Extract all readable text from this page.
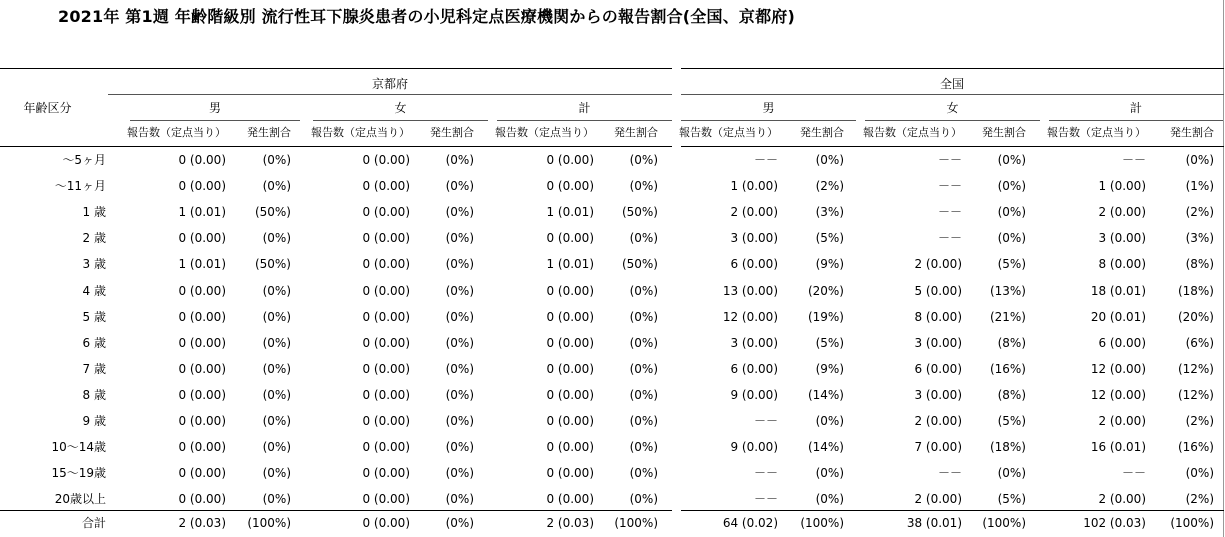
2021年 第1週 年齢階級別 流行性耳下腺炎患者の小児科定点医療機関からの報告割合(全国、京都府)
年齢区分
京都府	全国
男	女	計	男	女	計
報告数（定点当り）	発生割合 報告数（定点当り）	発生割合 報告数（定点当り）	発生割合 報告数（定点当り）	発生割合 報告数（定点当り）	発生割合 報告数（定点当り）	発生割合
～5ヶ月	0 (0.00)	(0%)	0 (0.00)	(0%)	0 (0.00)	(0%)	－－	(0%)	－－	(0%)	－－	(0%)
～11ヶ月	0 (0.00)	(0%)	0 (0.00)	(0%)	0 (0.00)	(0%)	1 (0.00)	(2%)	－－	(0%)	1 (0.00)	(1%)
1 歳	1 (0.01)	(50%)	0 (0.00)	(0%)	1 (0.01)	(50%)	2 (0.00)	(3%)	－－	(0%)	2 (0.00)	(2%)
2 歳	0 (0.00)	(0%)	0 (0.00)	(0%)	0 (0.00)	(0%)	3 (0.00)	(5%)	－－	(0%)	3 (0.00)	(3%)
3 歳	1 (0.01)	(50%)	0 (0.00)	(0%)	1 (0.01)	(50%)	6 (0.00)	(9%)	2 (0.00)	(5%)	8 (0.00)	(8%)
4 歳	0 (0.00)	(0%)	0 (0.00)	(0%)	0 (0.00)	(0%)	13 (0.00)	(20%)	5 (0.00)	(13%)	18 (0.01)	(18%)
5 歳	0 (0.00)	(0%)	0 (0.00)	(0%)	0 (0.00)	(0%)	12 (0.00)	(19%)	8 (0.00)	(21%)	20 (0.01)	(20%)
6 歳	0 (0.00)	(0%)	0 (0.00)	(0%)	0 (0.00)	(0%)	3 (0.00)	(5%)	3 (0.00)	(8%)	6 (0.00)	(6%)
7 歳	0 (0.00)	(0%)	0 (0.00)	(0%)	0 (0.00)	(0%)	6 (0.00)	(9%)	6 (0.00)	(16%)	12 (0.00)	(12%)
8 歳	0 (0.00)	(0%)	0 (0.00)	(0%)	0 (0.00)	(0%)	9 (0.00)	(14%)	3 (0.00)	(8%)	12 (0.00)	(12%)
9 歳	0 (0.00)	(0%)	0 (0.00)	(0%)	0 (0.00)	(0%)	－－	(0%)	2 (0.00)	(5%)	2 (0.00)	(2%)
10～14歳	0 (0.00)	(0%)	0 (0.00)	(0%)	0 (0.00)	(0%)	9 (0.00)	(14%)	7 (0.00)	(18%)	16 (0.01)	(16%)
15～19歳	0 (0.00)	(0%)	0 (0.00)	(0%)	0 (0.00)	(0%)	－－	(0%)	－－	(0%)	－－	(0%)
20歳以上	0 (0.00)	(0%)	0 (0.00)	(0%)	0 (0.00)	(0%)	－－	(0%)	2 (0.00)	(5%)	2 (0.00)	(2%)
合計	2 (0.03)	(100%)	0 (0.00)	(0%)	2 (0.03)	(100%)	64 (0.02)	(100%)	38 (0.01)	(100%)	102 (0.03)	(100%)
